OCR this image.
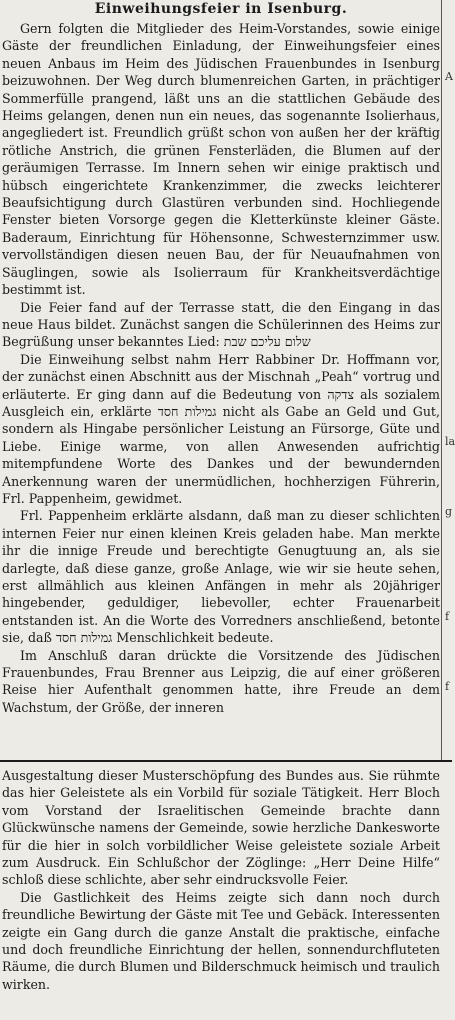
Einweihungsfeier in Isenburg.

Gern folgten die Mitglieder des Heim-Vorstandes, sowie einige Gäste der freundlichen Einladung, der Einweihungsfeier eines neuen Anbaus im Heim des Jüdischen Frauenbundes in Isenburg beizuwohnen. Der Weg durch blumenreichen Garten, in prächtiger Sommerfülle prangend, läßt uns an die stattlichen Gebäude des Heims gelangen, denen nun ein neues, das sogenannte Isolierhaus, angegliedert ist. Freundlich grüßt schon von außen her der kräftig rötliche Anstrich, die grünen Fensterläden, die Blumen auf der geräumigen Terrasse. Im Innern sehen wir einige praktisch und hübsch eingerichtete Krankenzimmer, die zwecks leichterer Beaufsichtigung durch Glastüren verbunden sind. Hochliegende Fenster bieten Vorsorge gegen die Kletterkünste kleiner Gäste. Baderaum, Einrichtung für Höhensonne, Schwesternzimmer usw. vervollständigen diesen neuen Bau, der für Neuaufnahmen von Säuglingen, sowie als Isolierraum für Krankheitsverdächtige bestimmt ist.

Die Feier fand auf der Terrasse statt, die den Eingang in das neue Haus bildet. Zunächst sangen die Schülerinnen des Heims zur Begrüßung unser bekanntes Lied: שלום עליכם שבת

Die Einweihung selbst nahm Herr Rabbiner Dr. Hoffmann vor, der zunächst einen Abschnitt aus der Mischnah „Peah“ vortrug und erläuterte. Er ging dann auf die Bedeutung von צדקה als sozialem Ausgleich ein, erklärte גמילות חסד nicht als Gabe an Geld und Gut, sondern als Hingabe persönlicher Leistung an Fürsorge, Güte und Liebe. Einige warme, von allen Anwesenden aufrichtig mitempfundene Worte des Dankes und der bewundernden Anerkennung waren der unermüdlichen, hochherzigen Führerin, Frl. Pappenheim, gewidmet.

Frl. Pappenheim erklärte alsdann, daß man zu dieser schlichten internen Feier nur einen kleinen Kreis geladen habe. Man merkte ihr die innige Freude und berechtigte Genugtuung an, als sie darlegte, daß diese ganze, große Anlage, wie wir sie heute sehen, erst allmählich aus kleinen Anfängen in mehr als 20jähriger hingebender, geduldiger, liebevoller, echter Frauenarbeit entstanden ist. An die Worte des Vorredners anschließend, betonte sie, daß גמילות חסד Menschlichkeit bedeute.

Im Anschluß daran drückte die Vorsitzende des Jüdischen Frauenbundes, Frau Brenner aus Leipzig, die auf einer größeren Reise hier Aufenthalt genommen hatte, ihre Freude an dem Wachstum, der Größe, der inneren

A
la
g
f
f

Ausgestaltung dieser Musterschöpfung des Bundes aus. Sie rühmte das hier Geleistete als ein Vorbild für soziale Tätigkeit. Herr Bloch vom Vorstand der Israelitischen Gemeinde brachte dann Glückwünsche namens der Gemeinde, sowie herzliche Dankesworte für die hier in solch vorbildlicher Weise geleistete soziale Arbeit zum Ausdruck. Ein Schlußchor der Zöglinge: „Herr Deine Hilfe“ schloß diese schlichte, aber sehr eindrucksvolle Feier.

Die Gastlichkeit des Heims zeigte sich dann noch durch freundliche Bewirtung der Gäste mit Tee und Gebäck. Interessenten zeigte ein Gang durch die ganze Anstalt die praktische, einfache und doch freundliche Einrichtung der hellen, sonnendurchfluteten Räume, die durch Blumen und Bilderschmuck heimisch und traulich wirken.
